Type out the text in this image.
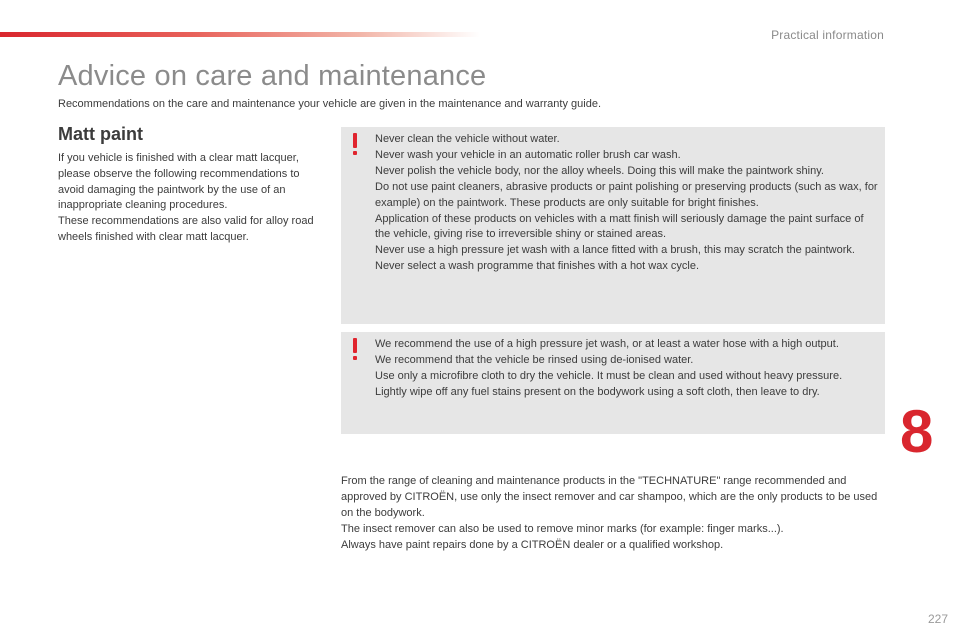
Practical information
Advice on care and maintenance
Recommendations on the care and maintenance your vehicle are given in the maintenance and warranty guide.
Matt paint

If you vehicle is finished with a clear matt lacquer, please observe the following recommendations to avoid damaging the paintwork by the use of an inappropriate cleaning procedures.

These recommendations are also valid for alloy road wheels finished with clear matt lacquer.

Never clean the vehicle without water.

Never wash your vehicle in an automatic roller brush car wash.

Never polish the vehicle body, nor the alloy wheels. Doing this will make the paintwork shiny.

Do not use paint cleaners, abrasive products or paint polishing or preserving products (such as wax, for example) on the paintwork. These products are only suitable for bright finishes.

Application of these products on vehicles with a matt finish will seriously damage the paint surface of the vehicle, giving rise to irreversible shiny or stained areas.

Never use a high pressure jet wash with a lance fitted with a brush, this may scratch the paintwork.

Never select a wash programme that finishes with a hot wax cycle.

We recommend the use of a high pressure jet wash, or at least a water hose with a high output.

We recommend that the vehicle be rinsed using de-ionised water.

Use only a microfibre cloth to dry the vehicle. It must be clean and used without heavy pressure.

Lightly wipe off any fuel stains present on the bodywork using a soft cloth, then leave to dry.

From the range of cleaning and maintenance products in the "TECHNATURE" range recommended and approved by CITROËN, use only the insect remover and car shampoo, which are the only products to be used on the bodywork.

The insect remover can also be used to remove minor marks (for example: finger marks...).

Always have paint repairs done by a CITROËN dealer or a qualified workshop.

8
227
